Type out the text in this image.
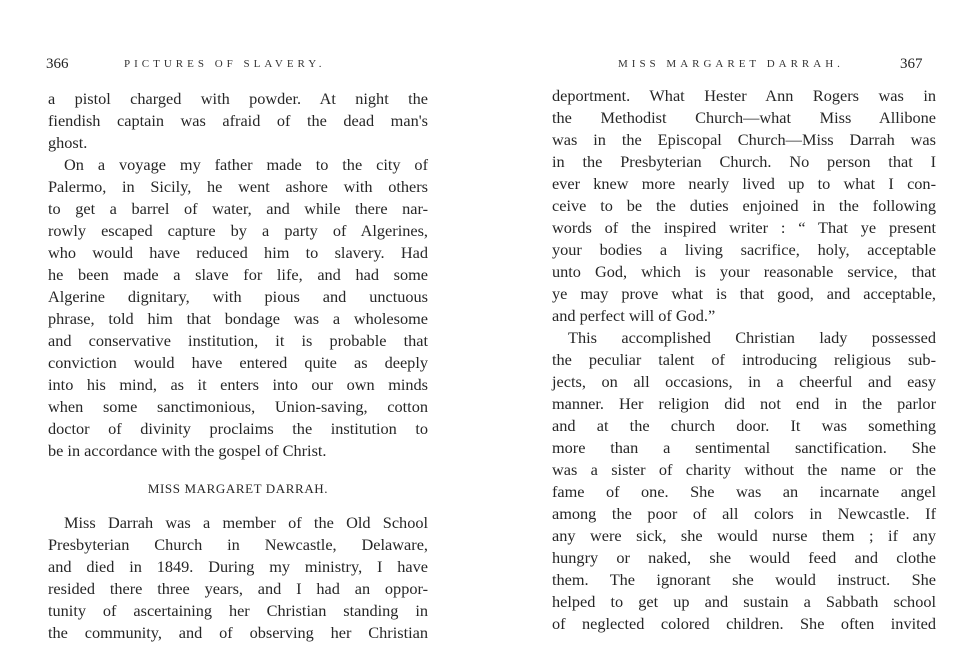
366	PICTURES OF SLAVERY.
a pistol charged with powder. At night the
fiendish captain was afraid of the dead man's
ghost.
On a voyage my father made to the city of
Palermo, in Sicily, he went ashore with others
to get a barrel of water, and while there nar-
rowly escaped capture by a party of Algerines,
who would have reduced him to slavery. Had
he been made a slave for life, and had some
Algerine dignitary, with pious and unctuous
phrase, told him that bondage was a wholesome
and conservative institution, it is probable that
conviction would have entered quite as deeply
into his mind, as it enters into our own minds
when some sanctimonious, Union-saving, cotton
doctor of divinity proclaims the institution to
be in accordance with the gospel of Christ.
MISS MARGARET DARRAH.
Miss Darrah was a member of the Old School
Presbyterian Church in Newcastle, Delaware,
and died in 1849. During my ministry, I have
resided there three years, and I had an oppor-
tunity of ascertaining her Christian standing in
the community, and of observing her Christian
MISS MARGARET DARRAH.	367
deportment. What Hester Ann Rogers was in
the Methodist Church—what Miss Allibone
was in the Episcopal Church—Miss Darrah was
in the Presbyterian Church. No person that I
ever knew more nearly lived up to what I con-
ceive to be the duties enjoined in the following
words of the inspired writer : “ That ye present
your bodies a living sacrifice, holy, acceptable
unto God, which is your reasonable service, that
ye may prove what is that good, and acceptable,
and perfect will of God.”
This accomplished Christian lady possessed
the peculiar talent of introducing religious sub-
jects, on all occasions, in a cheerful and easy
manner. Her religion did not end in the parlor
and at the church door. It was something
more than a sentimental sanctification. She
was a sister of charity without the name or the
fame of one. She was an incarnate angel
among the poor of all colors in Newcastle. If
any were sick, she would nurse them ; if any
hungry or naked, she would feed and clothe
them. The ignorant she would instruct. She
helped to get up and sustain a Sabbath school
of neglected colored children. She often invited
